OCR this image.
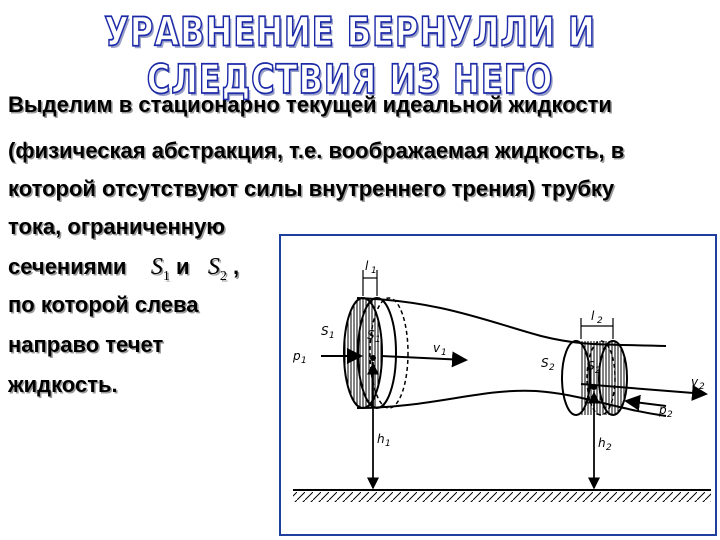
УРАВНЕНИЕ БЕРНУЛЛИ И СЛЕДСТВИЯ ИЗ НЕГО
Выделим в стационарно текущей идеальной жидкости
(физическая абстракция, т.е. воображаемая жидкость, в
которой отсутствуют силы внутреннего трения) трубку
тока, ограниченную
сечениями $S_1$ и $S_2$ ,
по которой слева
направо течет
жидкость.
l 1
l 2
S 1	S 1
S 2	S 2
p 1
p 2
v 1
v 2
h 1	h 2
